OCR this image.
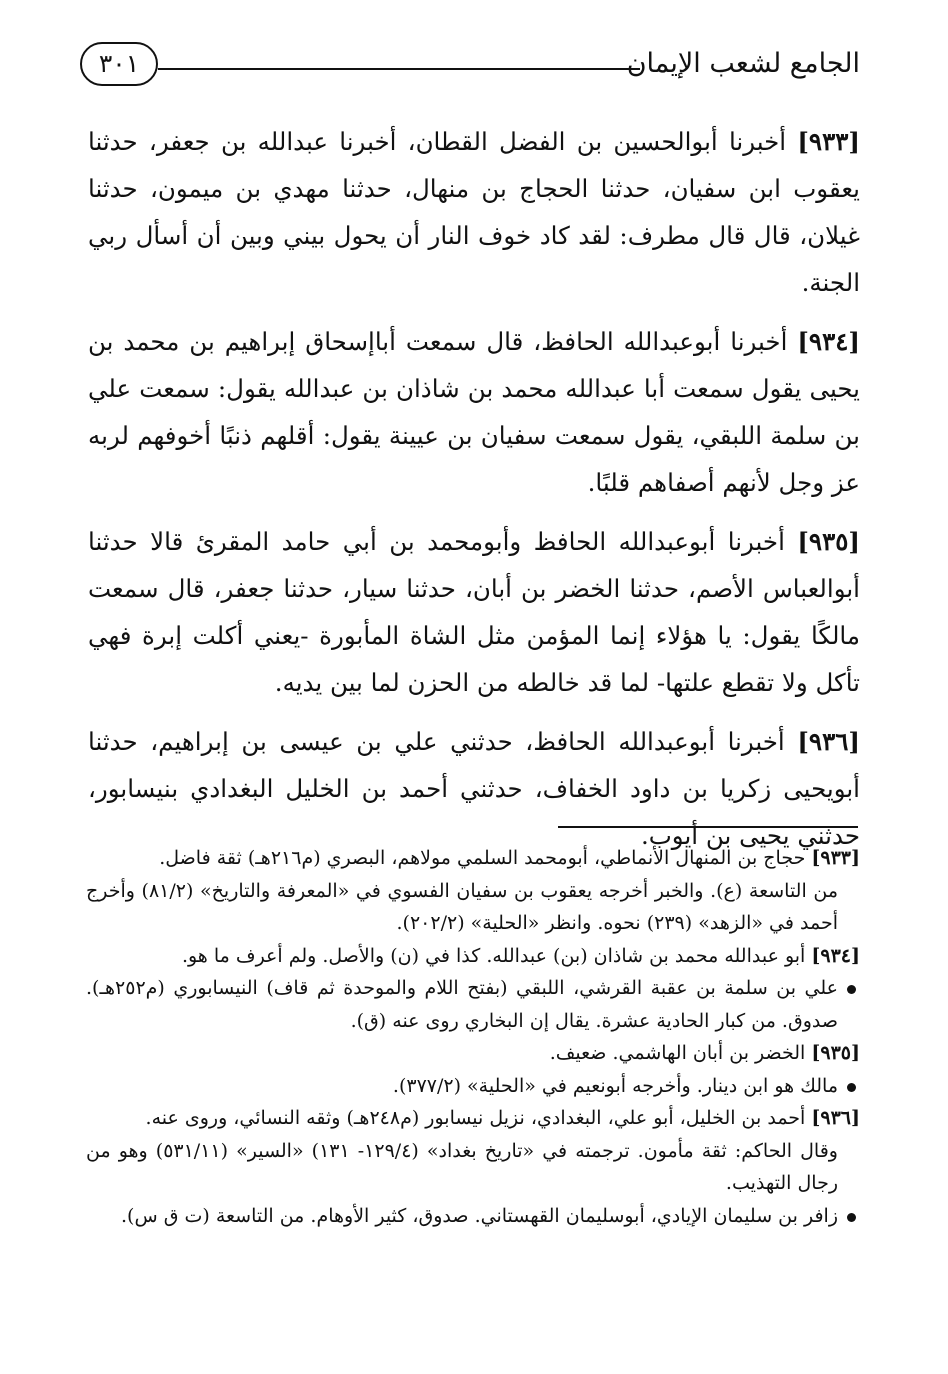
الجامع لشعب الإيمان
٣٠١

[٩٣٣] أخبرنا أبوالحسين بن الفضل القطان، أخبرنا عبدالله بن جعفر، حدثنا يعقوب ابن سفيان، حدثنا الحجاج بن منهال، حدثنا مهدي بن ميمون، حدثنا غيلان، قال قال مطرف: لقد كاد خوف النار أن يحول بيني وبين أن أسأل ربي الجنة.

[٩٣٤] أخبرنا أبوعبدالله الحافظ، قال سمعت أباإسحاق إبراهيم بن محمد بن يحيى يقول سمعت أبا عبدالله محمد بن شاذان بن عبدالله يقول: سمعت علي بن سلمة اللبقي، يقول سمعت سفيان بن عيينة يقول: أقلهم ذنبًا أخوفهم لربه عز وجل لأنهم أصفاهم قلبًا.

[٩٣٥] أخبرنا أبوعبدالله الحافظ وأبومحمد بن أبي حامد المقرئ قالا حدثنا أبوالعباس الأصم، حدثنا الخضر بن أبان، حدثنا سيار، حدثنا جعفر، قال سمعت مالكًا يقول: يا هؤلاء إنما المؤمن مثل الشاة المأبورة -يعني أكلت إبرة فهي تأكل ولا تقطع علتها- لما قد خالطه من الحزن لما بين يديه.

[٩٣٦] أخبرنا أبوعبدالله الحافظ، حدثني علي بن عيسى بن إبراهيم، حدثنا أبويحيى زكريا بن داود الخفاف، حدثني أحمد بن الخليل البغدادي بنيسابور، حدثني يحيى بن أيوب.

[٩٣٣] حجاج بن المنهال الأنماطي، أبومحمد السلمي مولاهم، البصري (م٢١٦هـ) ثقة فاضل.

من التاسعة (ع). والخبر أخرجه يعقوب بن سفيان الفسوي في «المعرفة والتاريخ» (٨١/٢) وأخرج أحمد في «الزهد» (٢٣٩) نحوه. وانظر «الحلية» (٢٠٢/٢).

[٩٣٤] أبو عبدالله محمد بن شاذان (بن) عبدالله. كذا في (ن) والأصل. ولم أعرف ما هو.

علي بن سلمة بن عقبة القرشي، اللبقي (بفتح اللام والموحدة ثم قاف) النيسابوري (م٢٥٢هـ). صدوق. من كبار الحادية عشرة. يقال إن البخاري روى عنه (ق).

[٩٣٥] الخضر بن أبان الهاشمي. ضعيف.

مالك هو ابن دينار. وأخرجه أبونعيم في «الحلية» (٣٧٧/٢).

[٩٣٦] أحمد بن الخليل، أبو علي، البغدادي، نزيل نيسابور (م٢٤٨هـ) وثقه النسائي، وروى عنه.

وقال الحاكم: ثقة مأمون. ترجمته في «تاريخ بغداد» (١٢٩/٤- ١٣١) «السير» (٥٣١/١١) وهو من رجال التهذيب.

زافر بن سليمان الإيادي، أبوسليمان القهستاني. صدوق، كثير الأوهام. من التاسعة (ت ق س).
